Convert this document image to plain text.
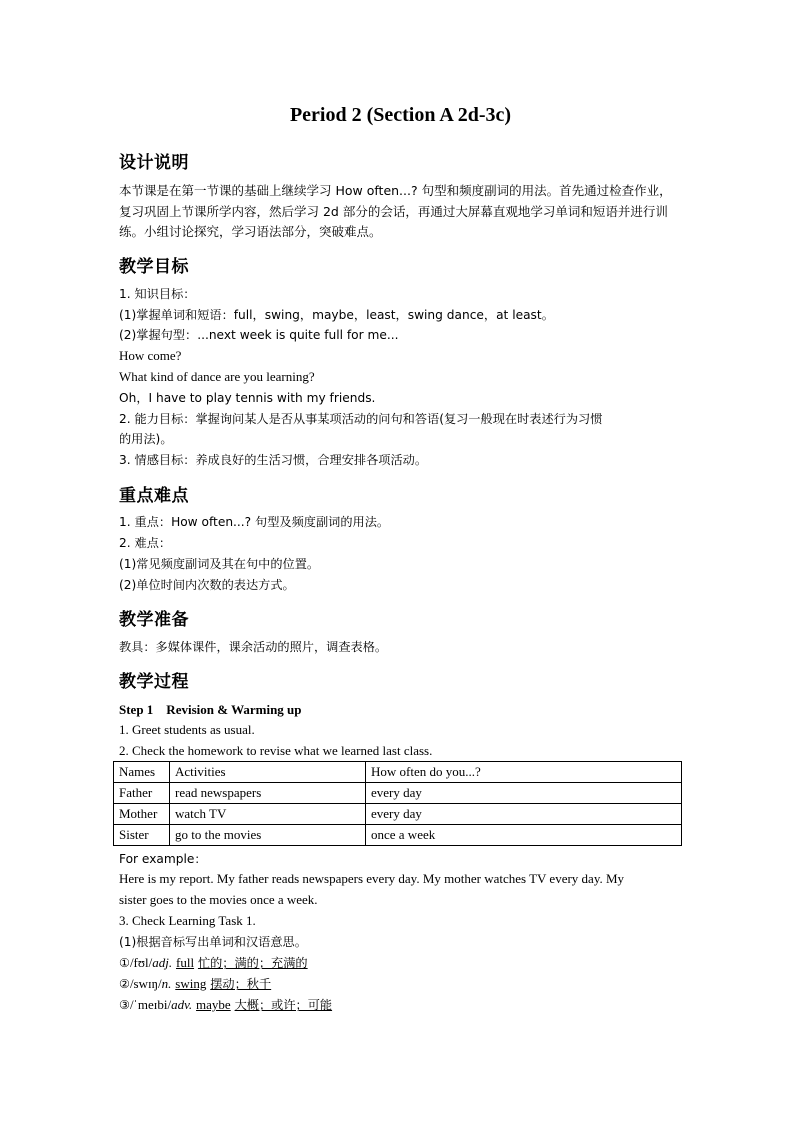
Period 2 (Section A 2d-3c)
设计说明
本节课是在第一节课的基础上继续学习 How often...? 句型和频度副词的用法。首先通过检查作业，复习巩固上节课所学内容，然后学习 2d 部分的会话，再通过大屏幕直观地学习单词和短语并进行训练。小组讨论探究，学习语法部分，突破难点。
教学目标
1. 知识目标：
(1)掌握单词和短语：full，swing，maybe，least，swing dance，at least。
(2)掌握句型：...next week is quite full for me...
How come?
What kind of dance are you learning?
Oh，I have to play tennis with my friends.
2. 能力目标：掌握询问某人是否从事某项活动的问句和答语(复习一般现在时表述行为习惯
的用法)。
3. 情感目标：养成良好的生活习惯，合理安排各项活动。
重点难点
1. 重点：How often...? 句型及频度副词的用法。
2. 难点：
(1)常见频度副词及其在句中的位置。
(2)单位时间内次数的表达方式。
教学准备
教具：多媒体课件，课余活动的照片，调查表格。
教学过程
Step 1　Revision & Warming up
1. Greet students as usual.
2. Check the homework to revise what we learned last class.
Names	Activities	How often do you...?
Father	read newspapers	every day
Mother	watch TV	every day
Sister	go to the movies	once a week
For example：
Here is my report. My father reads newspapers every day. My mother watches TV every day. My
sister goes to the movies once a week.
3. Check Learning Task 1.
(1)根据音标写出单词和汉语意思。
①/fʊl/adj. full 忙的；满的；充满的
②/swɪŋ/n. swing 摆动；秋千
③/ˈmeɪbi/adv. maybe 大概；或许；可能
